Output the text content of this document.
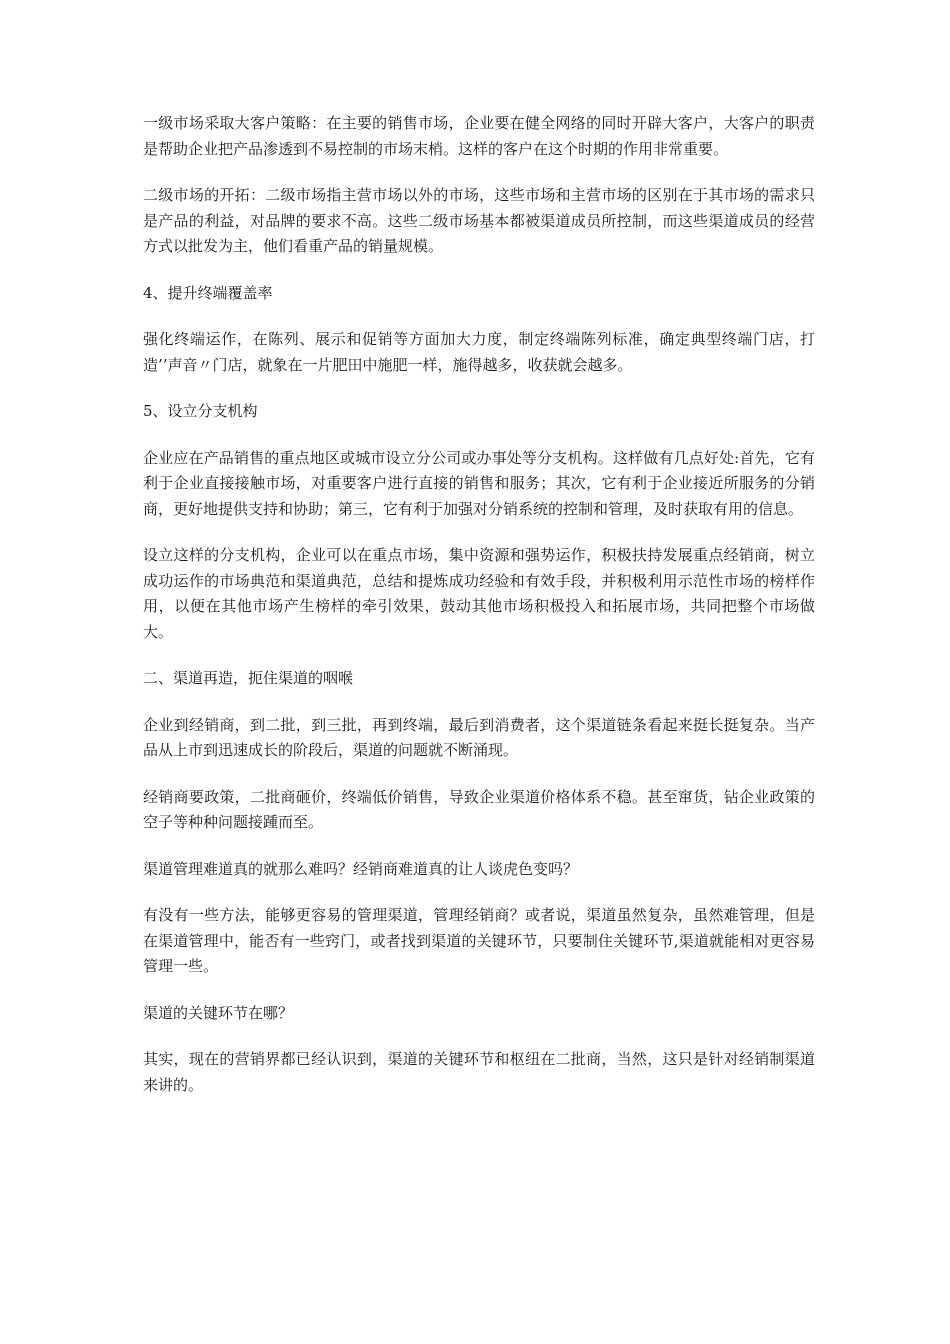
一级市场采取大客户策略：在主要的销售市场，企业要在健全网络的同时开辟大客户，大客户的职责是帮助企业把产品渗透到不易控制的市场末梢。这样的客户在这个时期的作用非常重要。

二级市场的开拓：二级市场指主营市场以外的市场，这些市场和主营市场的区别在于其市场的需求只是产品的利益，对品牌的要求不高。这些二级市场基本都被渠道成员所控制，而这些渠道成员的经营方式以批发为主，他们看重产品的销量规模。

4、提升终端覆盖率

强化终端运作，在陈列、展示和促销等方面加大力度，制定终端陈列标准，确定典型终端门店，打造’’声音〃门店，就象在一片肥田中施肥一样，施得越多，收获就会越多。

5、设立分支机构

企业应在产品销售的重点地区或城市设立分公司或办事处等分支机构。这样做有几点好处:首先，它有利于企业直接接触市场，对重要客户进行直接的销售和服务；其次，它有利于企业接近所服务的分销商，更好地提供支持和协助；第三，它有利于加强对分销系统的控制和管理，及时获取有用的信息。

设立这样的分支机构，企业可以在重点市场，集中资源和强势运作，积极扶持发展重点经销商，树立成功运作的市场典范和渠道典范，总结和提炼成功经验和有效手段，并积极利用示范性市场的榜样作用，以便在其他市场产生榜样的牵引效果，鼓动其他市场积极投入和拓展市场，共同把整个市场做大。

二、渠道再造，扼住渠道的咽喉

企业到经销商，到二批，到三批，再到终端，最后到消费者，这个渠道链条看起来挺长挺复杂。当产品从上市到迅速成长的阶段后，渠道的问题就不断涌现。

经销商要政策，二批商砸价，终端低价销售，导致企业渠道价格体系不稳。甚至窜货，钻企业政策的空子等种种问题接踵而至。

渠道管理难道真的就那么难吗？经销商难道真的让人谈虎色变吗？

有没有一些方法，能够更容易的管理渠道，管理经销商？或者说，渠道虽然复杂，虽然难管理，但是在渠道管理中，能否有一些窍门，或者找到渠道的关键环节，只要制住关键环节,渠道就能相对更容易管理一些。

渠道的关键环节在哪？

其实，现在的营销界都已经认识到，渠道的关键环节和枢纽在二批商，当然，这只是针对经销制渠道来讲的。
